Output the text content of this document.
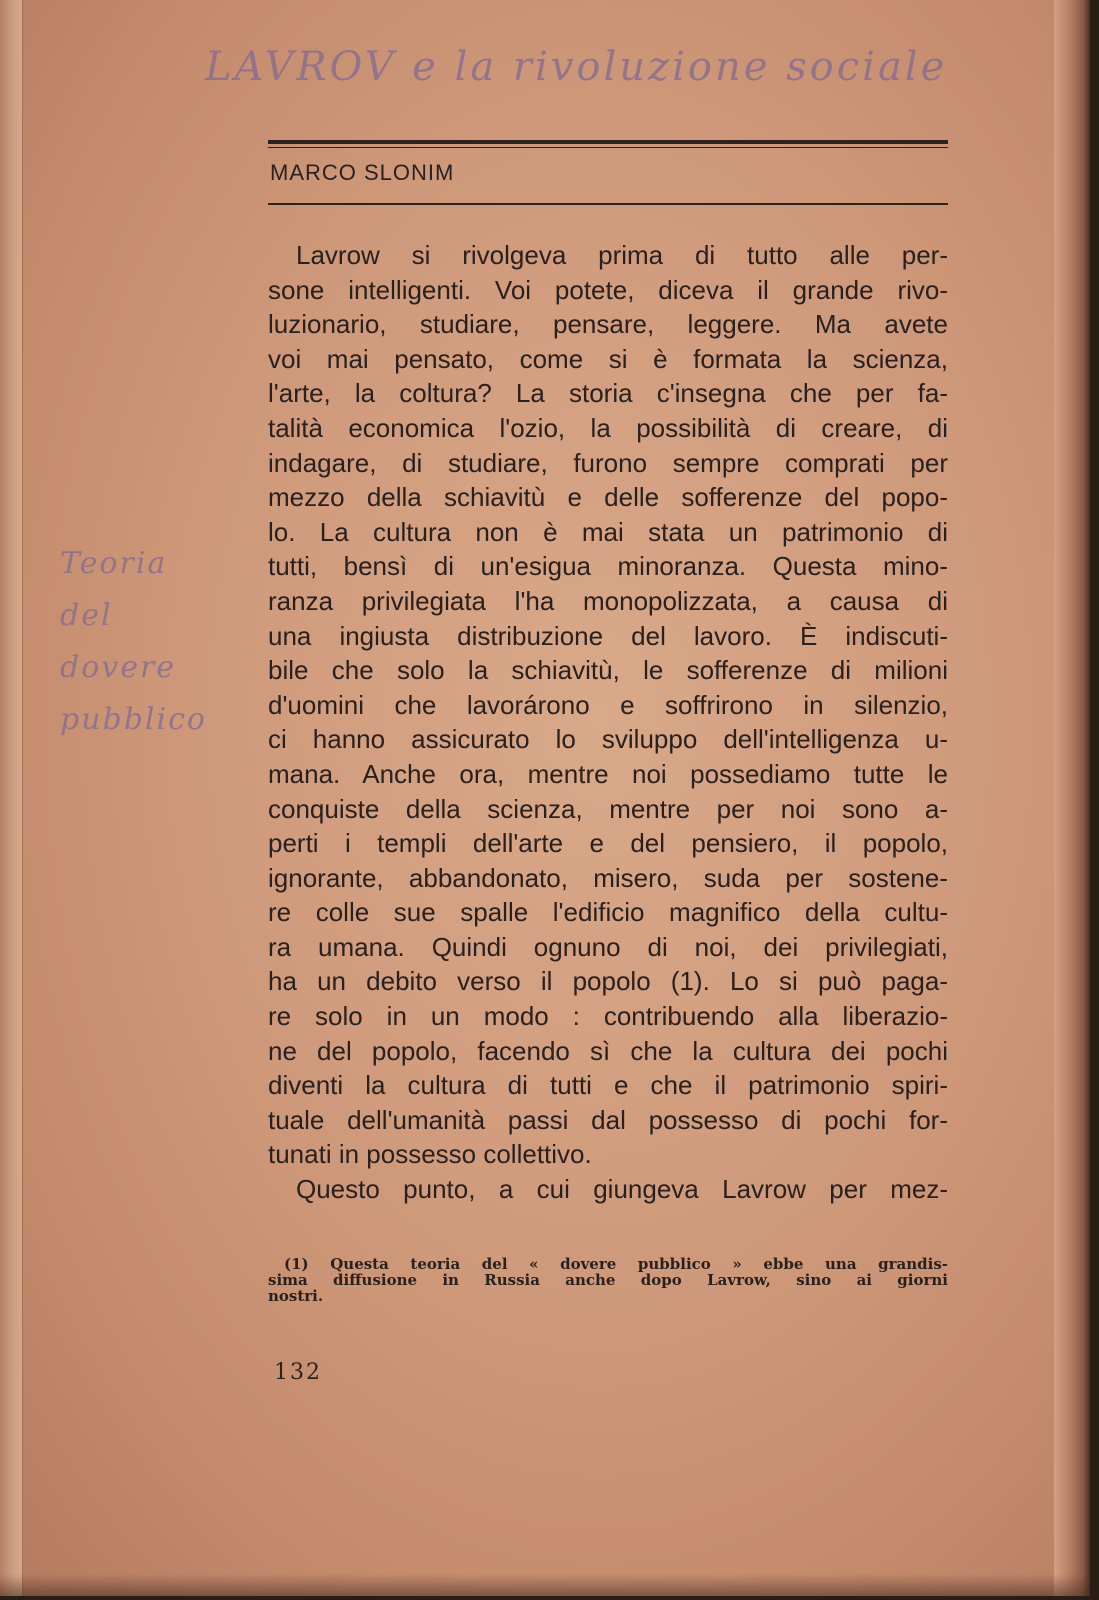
LAVROV e la rivoluzione sociale
Teoria
del
dovere
pubblico
MARCO SLONIM
Lavrow si rivolgeva prima di tutto alle per-
sone intelligenti. Voi potete, diceva il grande rivo-
luzionario, studiare, pensare, leggere. Ma avete
voi mai pensato, come si è formata la scienza,
l'arte, la coltura? La storia c'insegna che per fa-
talità economica l'ozio, la possibilità di creare, di
indagare, di studiare, furono sempre comprati per
mezzo della schiavitù e delle sofferenze del popo-
lo. La cultura non è mai stata un patrimonio di
tutti, bensì di un'esigua minoranza. Questa mino-
ranza privilegiata l'ha monopolizzata, a causa di
una ingiusta distribuzione del lavoro. È indiscuti-
bile che solo la schiavitù, le sofferenze di milioni
d'uomini che lavorárono e soffrirono in silenzio,
ci hanno assicurato lo sviluppo dell'intelligenza u-
mana. Anche ora, mentre noi possediamo tutte le
conquiste della scienza, mentre per noi sono a-
perti i templi dell'arte e del pensiero, il popolo,
ignorante, abbandonato, misero, suda per sostene-
re colle sue spalle l'edificio magnifico della cultu-
ra umana. Quindi ognuno di noi, dei privilegiati,
ha un debito verso il popolo (1). Lo si può paga-
re solo in un modo : contribuendo alla liberazio-
ne del popolo, facendo sì che la cultura dei pochi
diventi la cultura di tutti e che il patrimonio spiri-
tuale dell'umanità passi dal possesso di pochi for-
tunati in possesso collettivo.
Questo punto, a cui giungeva Lavrow per mez-
(1) Questa teoria del « dovere pubblico » ebbe una grandis-
sima diffusione in Russia anche dopo Lavrow, sino ai giorni
nostri.
132
